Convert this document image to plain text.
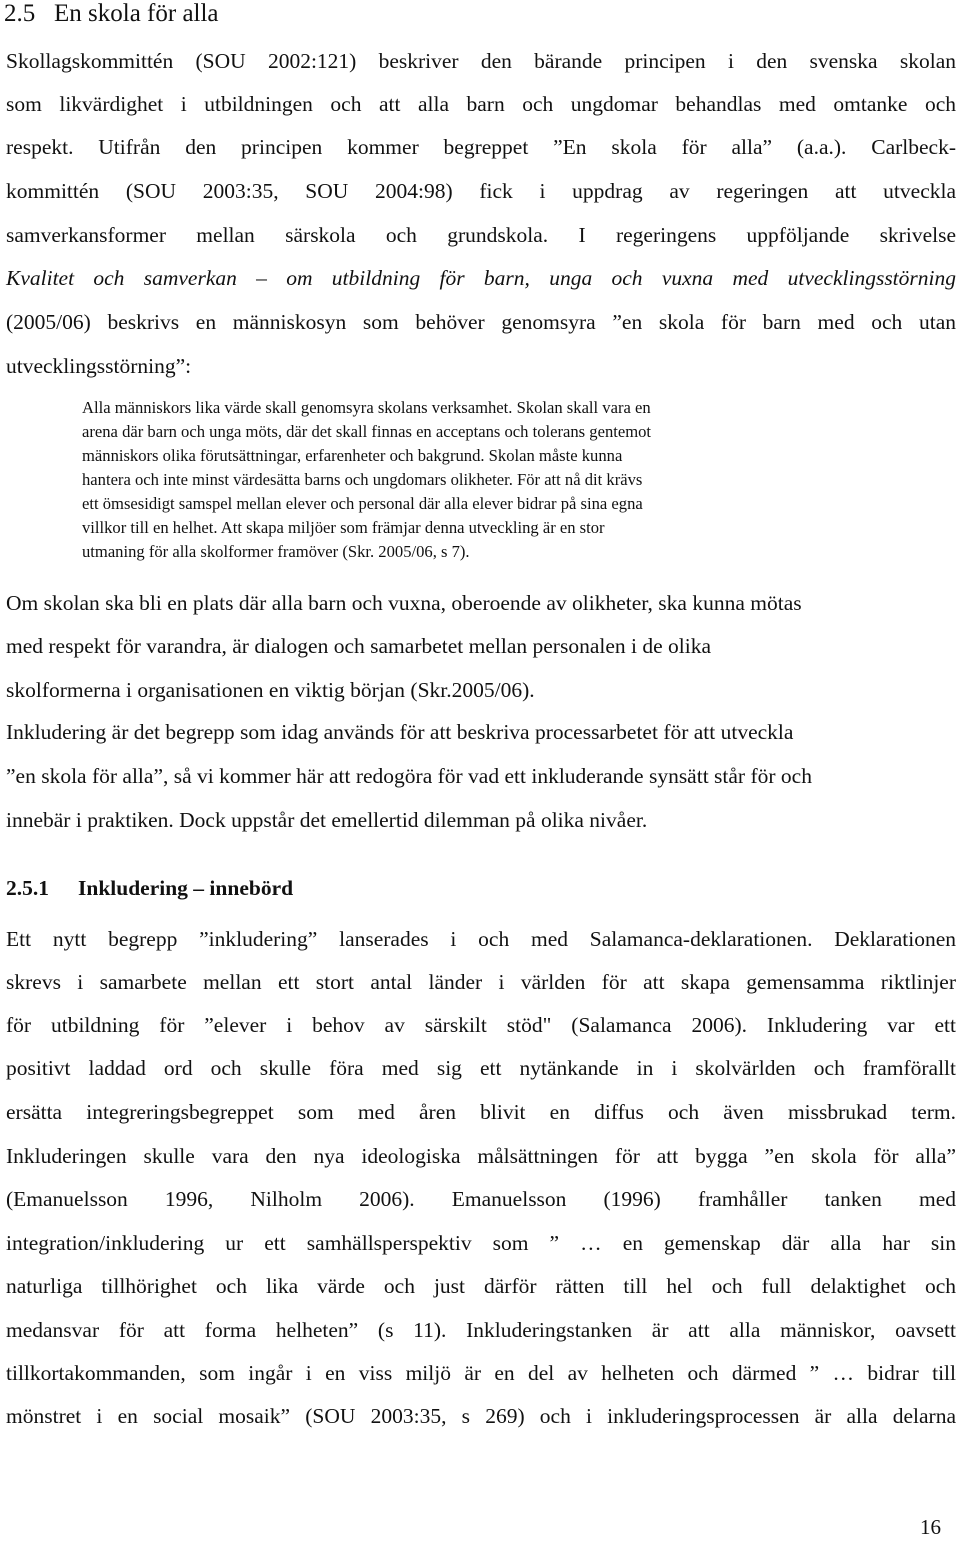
2.5 En skola för alla
Skollagskommittén (SOU 2002:121) beskriver den bärande principen i den svenska skolan
som likvärdighet i utbildningen och att alla barn och ungdomar behandlas med omtanke och
respekt. Utifrån den principen kommer begreppet ”En skola för alla” (a.a.). Carlbeck-
kommittén (SOU 2003:35, SOU 2004:98) fick i uppdrag av regeringen att utveckla
samverkansformer mellan särskola och grundskola. I regeringens uppföljande skrivelse
Kvalitet och samverkan – om utbildning för barn, unga och vuxna med utvecklingsstörning
(2005/06) beskrivs en människosyn som behöver genomsyra ”en skola för barn med och utan
utvecklingsstörning”:
Alla människors lika värde skall genomsyra skolans verksamhet. Skolan skall vara en
arena där barn och unga möts, där det skall finnas en acceptans och tolerans gentemot
människors olika förutsättningar, erfarenheter och bakgrund. Skolan måste kunna
hantera och inte minst värdesätta barns och ungdomars olikheter. För att nå dit krävs
ett ömsesidigt samspel mellan elever och personal där alla elever bidrar på sina egna
villkor till en helhet. Att skapa miljöer som främjar denna utveckling är en stor
utmaning för alla skolformer framöver (Skr. 2005/06, s 7).
Om skolan ska bli en plats där alla barn och vuxna, oberoende av olikheter, ska kunna mötas
med respekt för varandra, är dialogen och samarbetet mellan personalen i de olika
skolformerna i organisationen en viktig början (Skr.2005/06).
Inkludering är det begrepp som idag används för att beskriva processarbetet för att utveckla
”en skola för alla”, så vi kommer här att redogöra för vad ett inkluderande synsätt står för och
innebär i praktiken. Dock uppstår det emellertid dilemman på olika nivåer.
2.5.1 Inkludering – innebörd
Ett nytt begrepp ”inkludering” lanserades i och med Salamanca-deklarationen. Deklarationen
skrevs i samarbete mellan ett stort antal länder i världen för att skapa gemensamma riktlinjer
för utbildning för ”elever i behov av särskilt stöd" (Salamanca 2006). Inkludering var ett
positivt laddad ord och skulle föra med sig ett nytänkande in i skolvärlden och framförallt
ersätta integreringsbegreppet som med åren blivit en diffus och även missbrukad term.
Inkluderingen skulle vara den nya ideologiska målsättningen för att bygga ”en skola för alla”
(Emanuelsson 1996, Nilholm 2006). Emanuelsson (1996) framhåller tanken med
integration/inkludering ur ett samhällsperspektiv som ” … en gemenskap där alla har sin
naturliga tillhörighet och lika värde och just därför rätten till hel och full delaktighet och
medansvar för att forma helheten” (s 11). Inkluderingstanken är att alla människor, oavsett
tillkortakommanden, som ingår i en viss miljö är en del av helheten och därmed ” … bidrar till
mönstret i en social mosaik” (SOU 2003:35, s 269) och i inkluderingsprocessen är alla delarna
16
